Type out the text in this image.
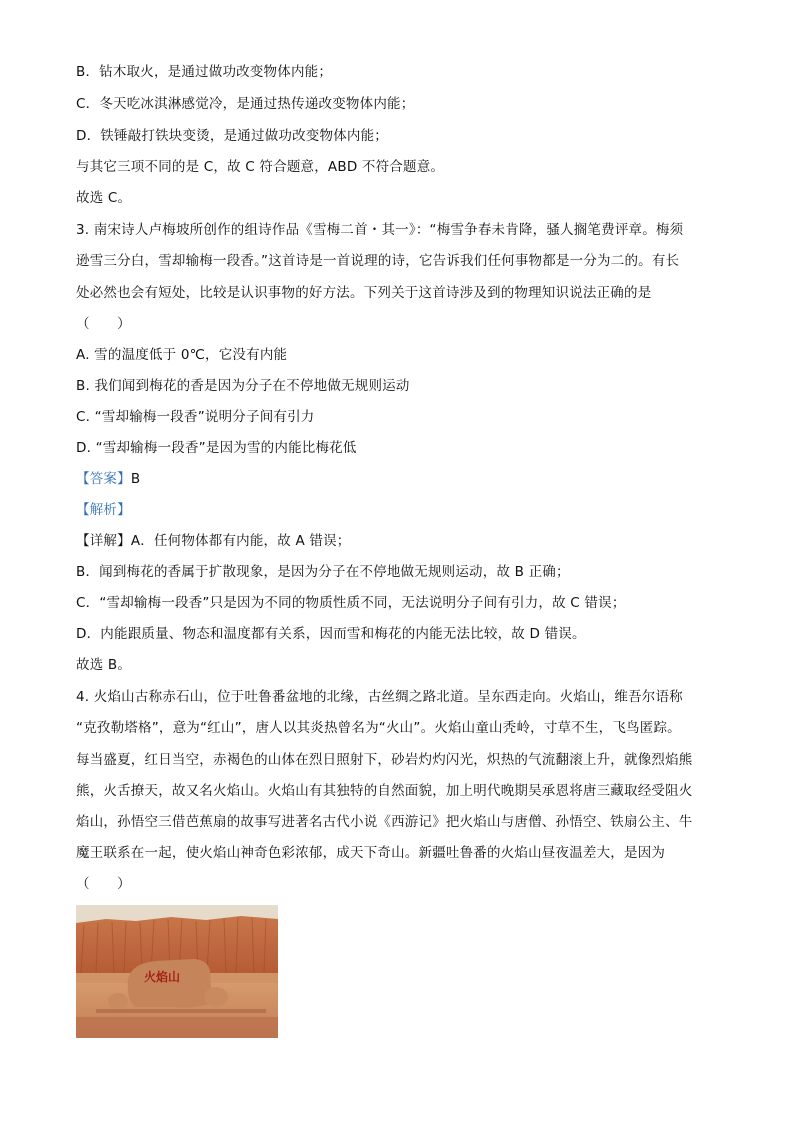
B．钻木取火，是通过做功改变物体内能；
C．冬天吃冰淇淋感觉冷，是通过热传递改变物体内能；
D．铁锤敲打铁块变烫，是通过做功改变物体内能；
与其它三项不同的是 C，故 C 符合题意，ABD 不符合题意。
故选 C。
3. 南宋诗人卢梅坡所创作的组诗作品《雪梅二首・其一》：“梅雪争春未肯降，骚人搁笔费评章。梅须
逊雪三分白，雪却输梅一段香。”这首诗是一首说理的诗，它告诉我们任何事物都是一分为二的。有长
处必然也会有短处，比较是认识事物的好方法。下列关于这首诗涉及到的物理知识说法正确的是
（　　）
A. 雪的温度低于 0℃，它没有内能
B. 我们闻到梅花的香是因为分子在不停地做无规则运动
C. “雪却输梅一段香”说明分子间有引力
D. “雪却输梅一段香”是因为雪的内能比梅花低
【答案】B
【解析】
【详解】A．任何物体都有内能，故 A 错误；
B．闻到梅花的香属于扩散现象，是因为分子在不停地做无规则运动，故 B 正确；
C．“雪却输梅一段香”只是因为不同的物质性质不同，无法说明分子间有引力，故 C 错误；
D．内能跟质量、物态和温度都有关系，因而雪和梅花的内能无法比较，故 D 错误。
故选 B。
4. 火焰山古称赤石山，位于吐鲁番盆地的北缘，古丝绸之路北道。呈东西走向。火焰山，维吾尔语称
“克孜勒塔格”，意为“红山”，唐人以其炎热曾名为“火山”。火焰山童山秃岭，寸草不生，飞鸟匿踪。
每当盛夏，红日当空，赤褐色的山体在烈日照射下，砂岩灼灼闪光，炽热的气流翻滚上升，就像烈焰熊
熊，火舌撩天，故又名火焰山。火焰山有其独特的自然面貌，加上明代晚期吴承恩将唐三藏取经受阻火
焰山，孙悟空三借芭蕉扇的故事写进著名古代小说《西游记》把火焰山与唐僧、孙悟空、铁扇公主、牛
魔王联系在一起，使火焰山神奇色彩浓郁，成天下奇山。新疆吐鲁番的火焰山昼夜温差大，是因为
（　　）
火焰山
